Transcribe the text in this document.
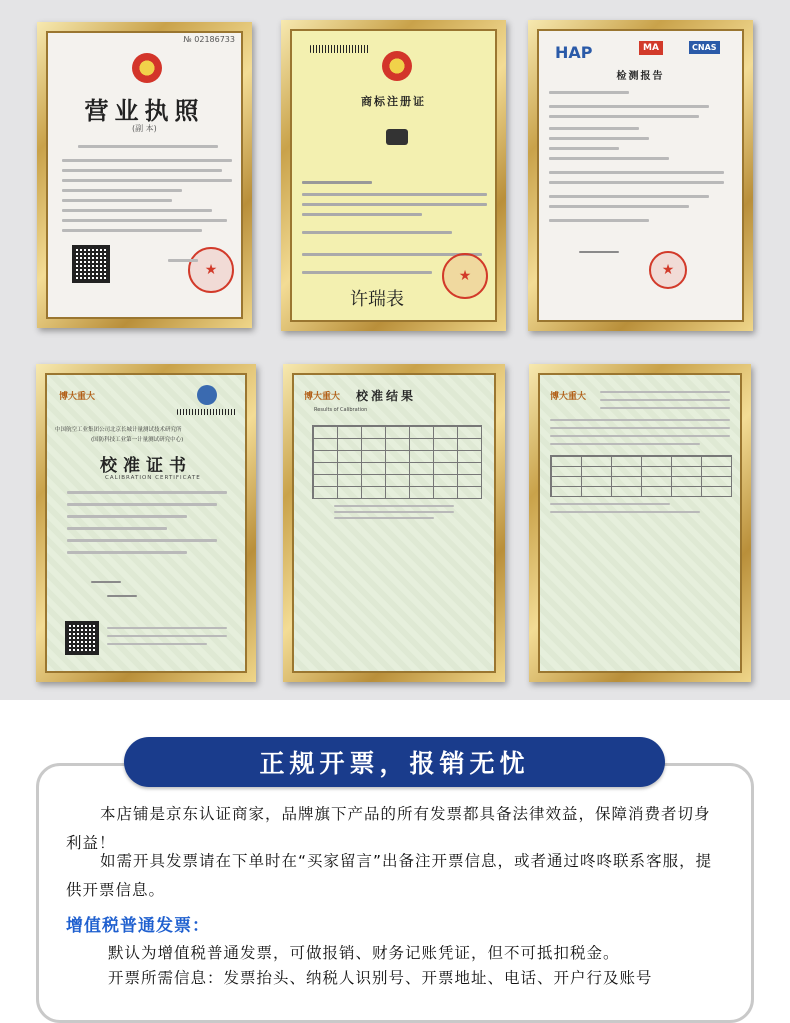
№ 02186733
营业执照
(副 本)
★
商标注册证
许瑞表
★
HAP	MA	CNAS
检测报告
★
博大重大
中国航空工业集团公司北京长城计量测试技术研究所
(国防科技工业第一计量测试研究中心)
校准证书
CALIBRATION CERTIFICATE
博大重大 校准结果
Results of Calibration
博大重大
正规开票，报销无忧
本店铺是京东认证商家，品牌旗下产品的所有发票都具备法律效益，保障消费者切身利益！
如需开具发票请在下单时在“买家留言”出备注开票信息，或者通过咚咚联系客服，提供开票信息。
增值税普通发票：
默认为增值税普通发票，可做报销、财务记账凭证，但不可抵扣税金。
开票所需信息：发票抬头、纳税人识别号、开票地址、电话、开户行及账号
